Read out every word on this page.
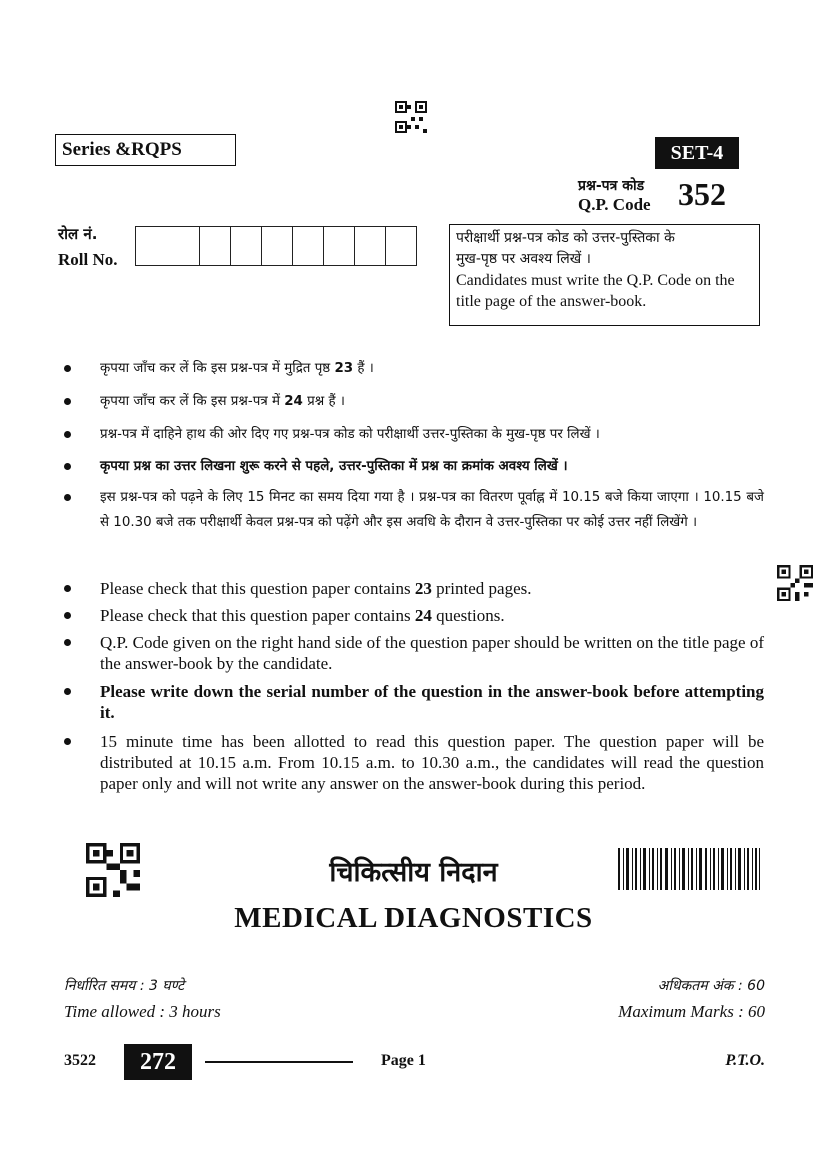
Series &RQPS	SET-4
प्रश्न-पत्र कोड
Q.P. Code 352
रोल नं.
Roll No.
परीक्षार्थी प्रश्न-पत्र कोड को उत्तर-पुस्तिका के
मुख-पृष्ठ पर अवश्य लिखें ।
Candidates must write the Q.P. Code on the title page of the answer-book.
कृपया जाँच कर लें कि इस प्रश्न-पत्र में मुद्रित पृष्ठ 23 हैं ।
कृपया जाँच कर लें कि इस प्रश्न-पत्र में 24 प्रश्न हैं ।
प्रश्न-पत्र में दाहिने हाथ की ओर दिए गए प्रश्न-पत्र कोड को परीक्षार्थी उत्तर-पुस्तिका के मुख-पृष्ठ पर लिखें ।
कृपया प्रश्न का उत्तर लिखना शुरू करने से पहले, उत्तर-पुस्तिका में प्रश्न का क्रमांक अवश्य लिखें ।
इस प्रश्न-पत्र को पढ़ने के लिए 15 मिनट का समय दिया गया है । प्रश्न-पत्र का वितरण पूर्वाह्न में 10.15 बजे किया जाएगा । 10.15 बजे से 10.30 बजे तक परीक्षार्थी केवल प्रश्न-पत्र को पढ़ेंगे और इस अवधि के दौरान वे उत्तर-पुस्तिका पर कोई उत्तर नहीं लिखेंगे ।
Please check that this question paper contains 23 printed pages.
Please check that this question paper contains 24 questions.
Q.P. Code given on the right hand side of the question paper should be written on the title page of the answer-book by the candidate.
Please write down the serial number of the question in the answer-book before attempting it.
15 minute time has been allotted to read this question paper. The question paper will be distributed at 10.15 a.m. From 10.15 a.m. to 10.30 a.m., the candidates will read the question paper only and will not write any answer on the answer-book during this period.
चिकित्सीय निदान
MEDICAL DIAGNOSTICS
निर्धारित समय : 3 घण्टे
Time allowed : 3 hours
अधिकतम अंक : 60
Maximum Marks : 60
3522	272	Page 1	P.T.O.
